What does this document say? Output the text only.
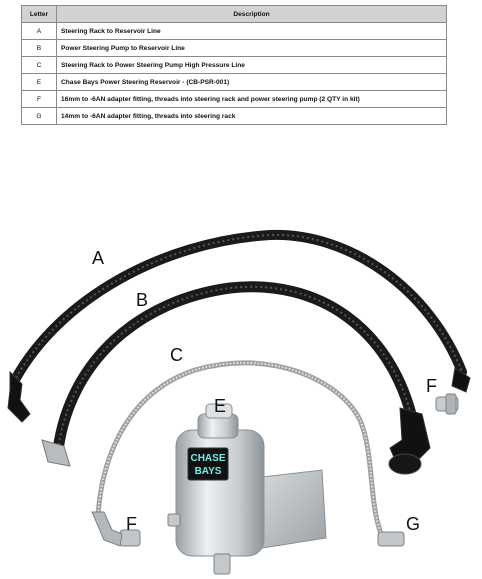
Letter	Description
A	Steering Rack to Reservoir Line
B	Power Steering Pump to Reservoir Line
C	Steering Rack to Power Steering Pump High Pressure Line
E	Chase Bays Power Steering Reservoir - (CB-PSR-001)
F	16mm to -6AN adapter fitting, threads into steering rack and power steering pump (2 QTY in kit)
G	14mm to -6AN adapter fitting, threads into steering rack
CHASE
BAYS
A
B
C
E
F
F	G
